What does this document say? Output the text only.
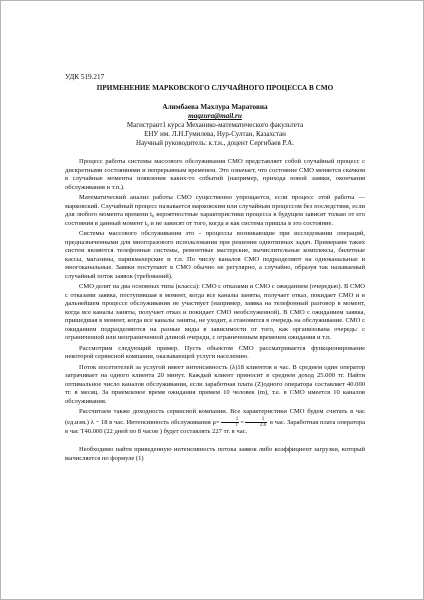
УДК 519.217

ПРИМЕНЕНИЕ МАРКОВСКОГО СЛУЧАЙНОГО ПРОЦЕССА В СМО

Алимбаева Махлура Маратовна

magzura@mail.ru

Магистрант1 курса Механико-математического факультета

ЕНУ им. Л.Н.Гумилева, Нур-Султан, Казахстан

Научный руководитель: к.т.н., доцент Сергибаев Р.А.

Процесс работы системы массового обслуживания СМО представляет собой случайный процесс с дискретными состояниями и непрерывным временем. Это означает, что состояние СМО меняется скачком в случайные моменты появления каких-то событий (например, прихода новой заявки, окончания обслуживания и т.п.).

Математический анализ работы СМО существенно упрощается, если процесс этой работы — марковский. Случайный процесс называется марковским или случайным процессом без последствия, если для любого момента времени t₀ вероятностные характеристики процесса в будущем зависят только от его состояния в данный момент t₀ и не зависят от того, когда и как система пришла в это состояние.

Системы массового обслуживания это - процессы возникающие при исследовании операций, предназначенными для многоразового использования при решении однотипных задач. Примерами таких систем являются телефонные системы, ремонтные мастерские, вычислительные комплексы, билетные кассы, магазины, парикмахерские и т.п. По числу каналов СМО подразделяют на одноканальные и многоканальные. Заявки поступают в СМО обычно не регулярно, а случайно, образуя так называемый случайный поток заявок (требований).

СМО делят на два основных типа (класса): СМО с отказами и СМО с ожиданием (очередью). В СМО с отказами заявка, поступившая в момент, когда все каналы заняты, получает отказ, покидает СМО и в дальнейшем процессе обслуживания не участвует (например, заявка на телефонный разговор в момент, когда все каналы заняты, получает отказ и покидает СМО необслуженной). В СМО с ожиданием заявка, пришедшая в момент, когда все каналы заняты, не уходит, а становится в очередь на обслуживание. СМО с ожиданием подразделяются на разные виды в зависимости от того, как организована очередь: с ограниченной или неограниченной длиной очереди, с ограниченным временем ожидания и т.п.

Рассмотрим следующий пример. Пусть объектом СМО рассматривается функционирование некоторой сервисной компании, оказывающей услуги населению.

Поток посетителей за услугой имеет интенсивность (λ)18 клиентов в час. В среднем один оператор затрачивает на одного клиента 20 минут. Каждый клиент приносит в среднем доход 25.000 тг. Найти оптимальное число каналов обслуживания, если заработная плата (Z)одного оператора составляет 40.000 тг. в месяц. За приемлемое время ожидания примем 10 человек (m), т.е. в СМО имеется 10 каналов обслуживания.

Рассчитаем также доходность сервисной компании. Все характеристики СМО будем считать в час (ед.изм.) λ − 18 в час. Интенсивность обслуживания $\mu= \frac{1}{t} = \frac{1}{2.6}$ в час. Заработная плата оператора в час Т40.000 (22 дней по 8 часов ) будет составлять 227 тг. в час.

Необходимо найти приведенную интенсивность потока заявок либо коэффициент загрузки, который вычисляется по формуле (1)
